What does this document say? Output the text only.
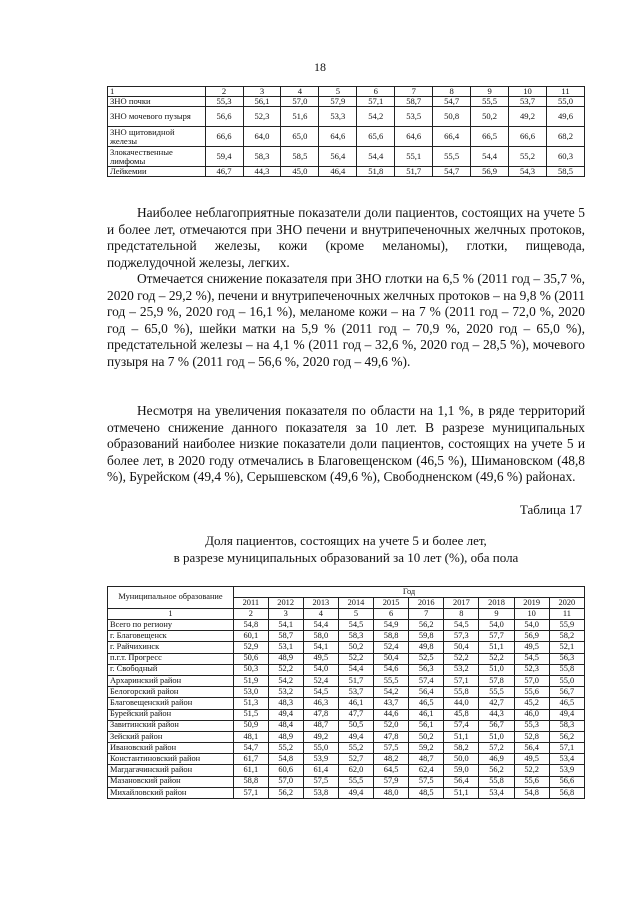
18
1	2	3	4	5	6	7	8	9	10	11
ЗНО почки	55,3	56,1	57,0	57,9	57,1	58,7	54,7	55,5	53,7	55,0
ЗНО мочевого пузыря	56,6	52,3	51,6	53,3	54,2	53,5	50,8	50,2	49,2	49,6
ЗНО щитовидной железы	66,6	64,0	65,0	64,6	65,6	64,6	66,4	66,5	66,6	68,2
Злокачественные лимфомы	59,4	58,3	58,5	56,4	54,4	55,1	55,5	54,4	55,2	60,3
Лейкемии	46,7	44,3	45,0	46,4	51,8	51,7	54,7	56,9	54,3	58,5

Наиболее неблагоприятные показатели доли пациентов, состоящих на учете 5 и более лет, отмечаются при ЗНО печени и внутрипеченочных желчных протоков, предстательной железы, кожи (кроме меланомы), глотки, пищевода, поджелудочной железы, легких.

Отмечается снижение показателя при ЗНО глотки на 6,5 % (2011 год – 35,7 %, 2020 год – 29,2 %), печени и внутрипеченочных желчных протоков – на 9,8 % (2011 год – 25,9 %, 2020 год – 16,1 %), меланоме кожи – на 7 % (2011 год – 72,0 %, 2020 год – 65,0 %), шейки матки на 5,9 % (2011 год – 70,9 %, 2020 год – 65,0 %), предстательной железы – на 4,1 % (2011 год – 32,6 %, 2020 год – 28,5 %), мочевого пузыря на 7 % (2011 год – 56,6 %, 2020 год – 49,6 %).

Несмотря на увеличения показателя по области на 1,1 %, в ряде территорий отмечено снижение данного показателя за 10 лет. В разрезе муниципальных образований наиболее низкие показатели доли пациентов, состоящих на учете 5 и более лет, в 2020 году отмечались в Благовещенском (46,5 %), Шимановском (48,8 %), Бурейском (49,4 %), Серышевском (49,6 %), Свободненском (49,6 %) районах.

Таблица 17
Доля пациентов, состоящих на учете 5 и более лет,
в разрезе муниципальных образований за 10 лет (%), оба пола
Муниципальное образование	Год									
	2011	2012	2013	2014	2015	2016	2017	2018	2019	2020
1	2	3	4	5	6	7	8	9	10	11
Всего по региону	54,8	54,1	54,4	54,5	54,9	56,2	54,5	54,0	54,0	55,9
г. Благовещенск	60,1	58,7	58,0	58,3	58,8	59,8	57,3	57,7	56,9	58,2
г. Райчихинск	52,9	53,1	54,1	50,2	52,4	49,8	50,4	51,1	49,5	52,1
п.г.т. Прогресс	50,6	48,9	49,5	52,2	50,4	52,5	52,2	52,2	54,5	56,3
г. Свободный	50,3	52,2	54,0	54,4	54,6	56,3	53,2	51,0	52,3	55,8
Архаринский район	51,9	54,2	52,4	51,7	55,5	57,4	57,1	57,8	57,0	55,0
Белогорский район	53,0	53,2	54,5	53,7	54,2	56,4	55,8	55,5	55,6	56,7
Благовещенский район	51,3	48,3	46,3	46,1	43,7	46,5	44,0	42,7	45,2	46,5
Бурейский район	51,5	49,4	47,8	47,7	44,6	46,1	45,8	44,3	46,0	49,4
Завитинский район	50,9	48,4	48,7	50,5	52,0	56,1	57,4	56,7	55,3	58,3
Зейский район	48,1	48,9	49,2	49,4	47,8	50,2	51,1	51,0	52,8	56,2
Ивановский район	54,7	55,2	55,0	55,2	57,5	59,2	58,2	57,2	56,4	57,1
Константиновский район	61,7	54,8	53,9	52,7	48,2	48,7	50,0	46,9	49,5	53,4
Магдагачинский район	61,1	60,6	61,4	62,0	64,5	62,4	59,0	56,2	52,2	53,9
Мазановский район	58,8	57,0	57,5	55,5	57,9	57,5	56,4	55,8	55,6	56,6
Михайловский район	57,1	56,2	53,8	49,4	48,0	48,5	51,1	53,4	54,8	56,8
